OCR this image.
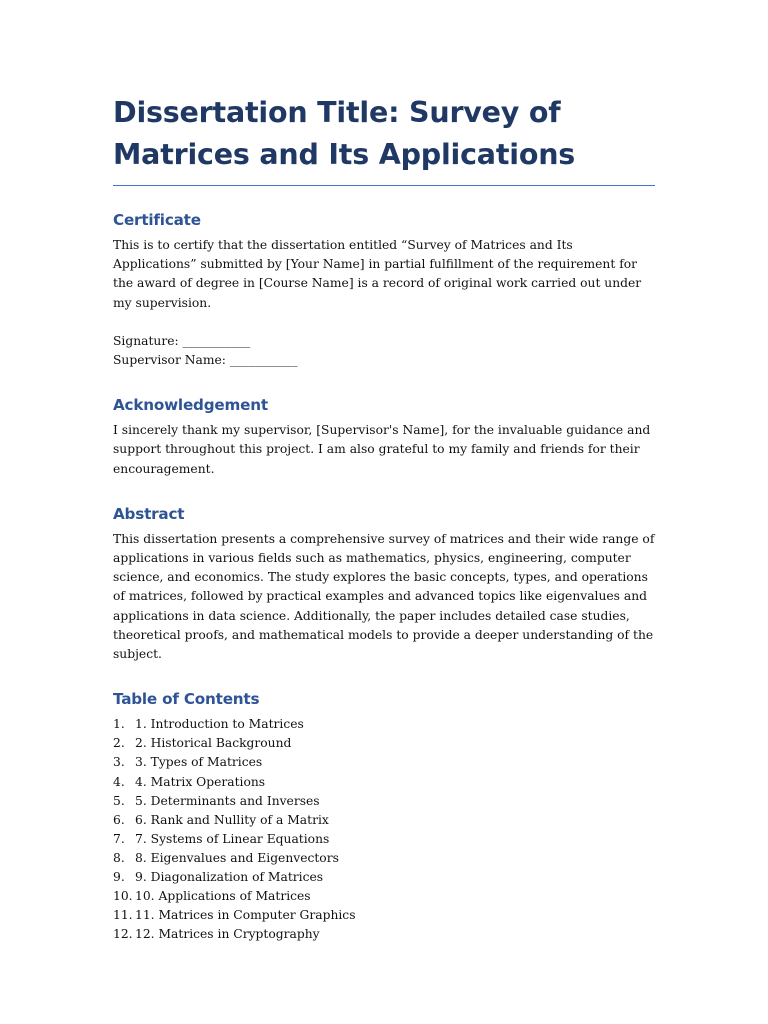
Dissertation Title: Survey of Matrices and Its Applications
Certificate

This is to certify that the dissertation entitled “Survey of Matrices and Its Applications” submitted by [Your Name] in partial fulfillment of the requirement for the award of degree in [Course Name] is a record of original work carried out under my supervision.

Signature: ___________
Supervisor Name: ___________
Acknowledgement

I sincerely thank my supervisor, [Supervisor's Name], for the invaluable guidance and support throughout this project. I am also grateful to my family and friends for their encouragement.

Abstract

This dissertation presents a comprehensive survey of matrices and their wide range of applications in various fields such as mathematics, physics, engineering, computer science, and economics. The study explores the basic concepts, types, and operations of matrices, followed by practical examples and advanced topics like eigenvalues and applications in data science. Additionally, the paper includes detailed case studies, theoretical proofs, and mathematical models to provide a deeper understanding of the subject.

Table of Contents
1. 1. Introduction to Matrices
2. 2. Historical Background
3. 3. Types of Matrices
4. 4. Matrix Operations
5. 5. Determinants and Inverses
6. 6. Rank and Nullity of a Matrix
7. 7. Systems of Linear Equations
8. 8. Eigenvalues and Eigenvectors
9. 9. Diagonalization of Matrices
10. 10. Applications of Matrices
11. 11. Matrices in Computer Graphics
12. 12. Matrices in Cryptography
